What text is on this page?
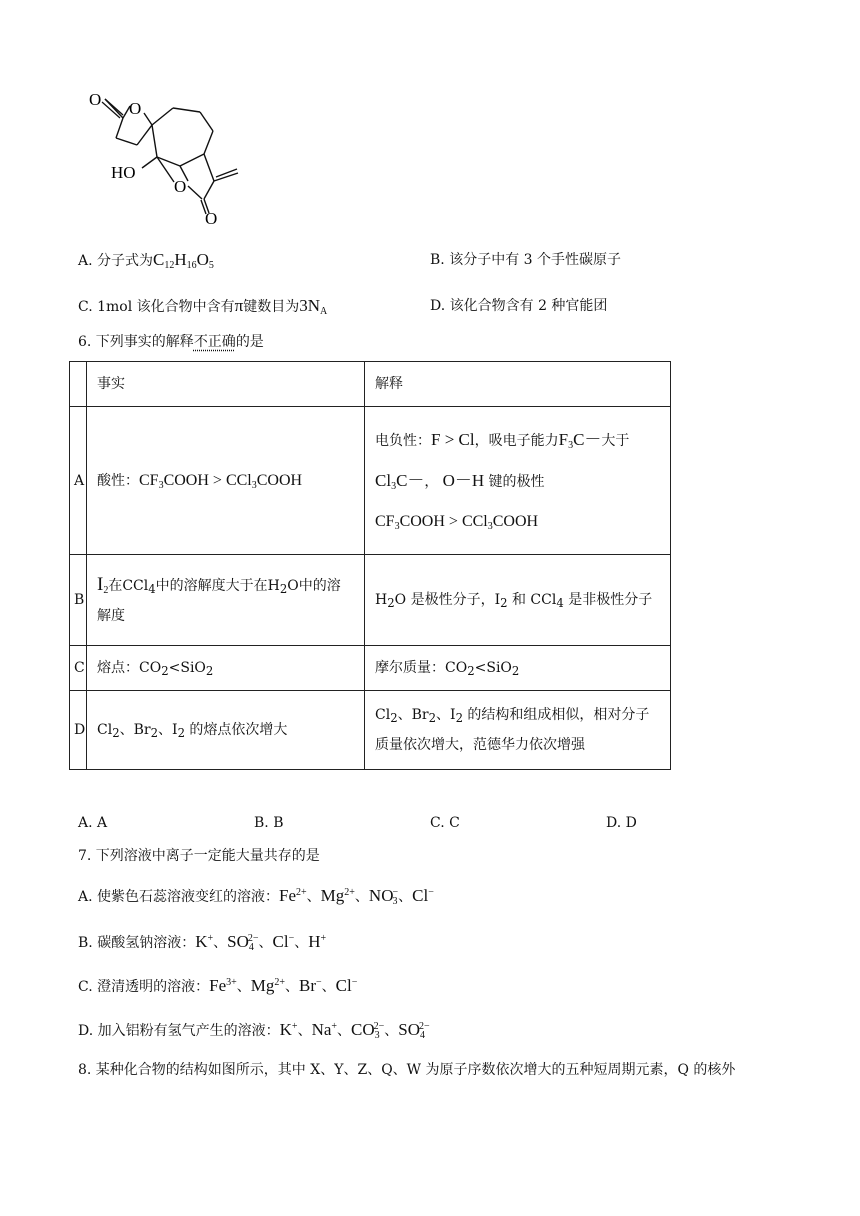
O O
HO
O
O
A. 分子式为$C_{12}H_{16}O_5$	B. 该分子中有 3 个手性碳原子
C. 1mol 该化合物中含有π键数目为$3N_A$	D. 该化合物含有 2 种官能团
6. 下列事实的解释不正确的是
	事实	解释
A	酸性：$CF_3COOH$ > CCl$_3$COOH	电负性：F > Cl，吸电子能力$F_3C-$大于
$Cl_3C-$， O－H 键的极性
$CF_3COOH$ > CCl$_3$COOH

B	$I_2$在CCl$_4$中的溶解度大于在$H_2O$中的溶
解度	$H_2O$ 是极性分子，$I_2$ 和 CCl$_4$ 是非极性分子
C	熔点：$CO_2<SiO_2$	摩尔质量：$CO_2<SiO_2$
D	$Cl_2$、$Br_2$、$I_2$ 的熔点依次增大	$Cl_2$、$Br_2$、$I_2$ 的结构和组成相似，相对分子
质量依次增大，范德华力依次增强
A. A	B. B	C. C	D. D
7. 下列溶液中离子一定能大量共存的是
A. 使紫色石蕊溶液变红的溶液：$Fe^{2+}$、$Mg^{2+}$、$NO_3^-$、Cl−
B. 碳酸氢钠溶液：K+、$SO_4^{2-}$、Cl−、H+
C. 澄清透明的溶液：$Fe^{3+}$、$Mg^{2+}$、Br−、Cl−
D. 加入铝粉有氢气产生的溶液：K+、Na+、$CO_3^{2-}$、$SO_4^{2-}$
8. 某种化合物的结构如图所示，其中 X、Y、Z、Q、W 为原子序数依次增大的五种短周期元素，Q 的核外
